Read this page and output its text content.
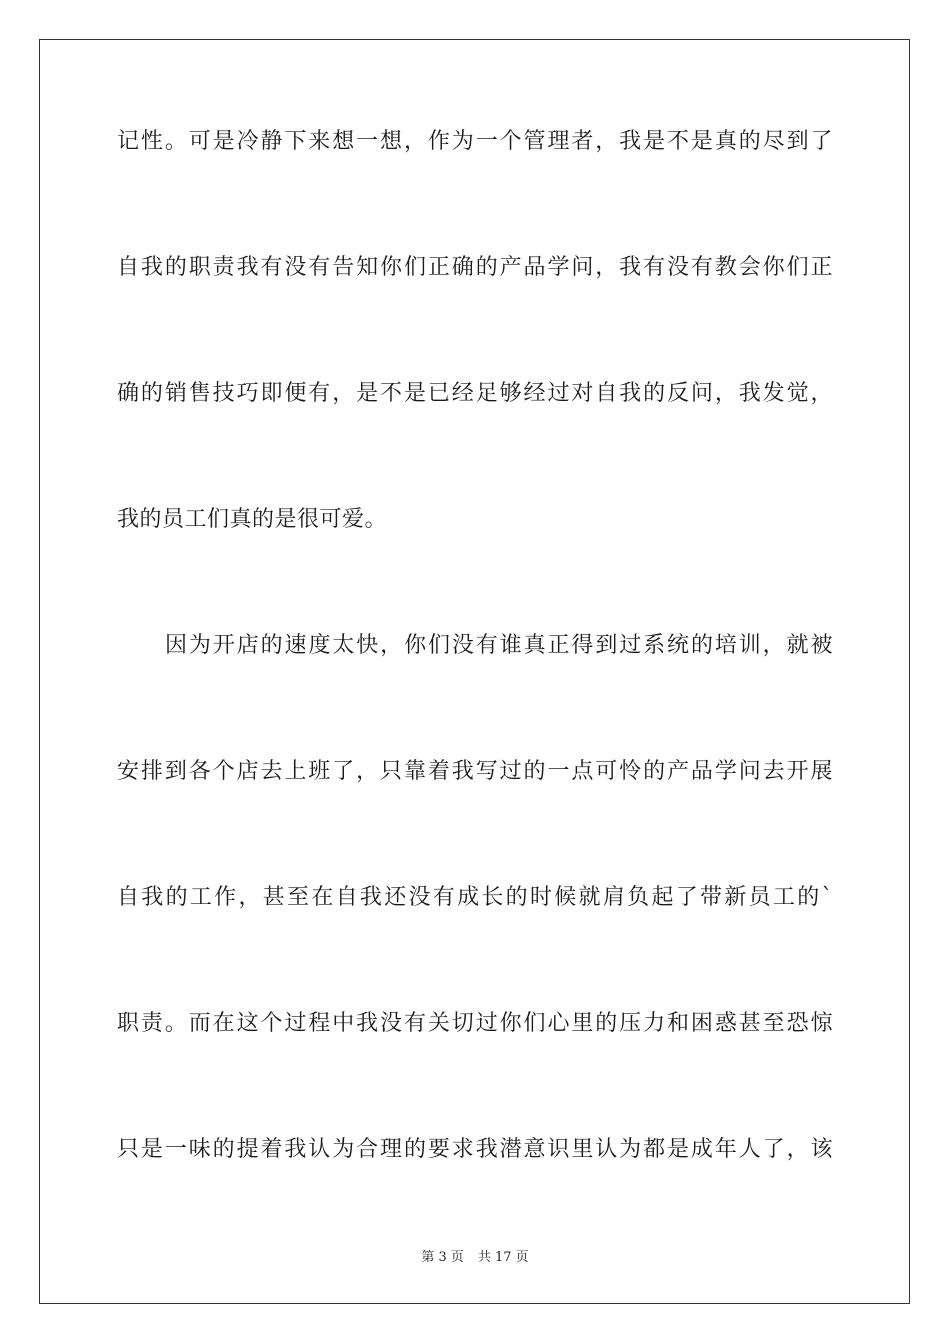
记性。可是冷静下来想一想，作为一个管理者，我是不是真的尽到了
自我的职责我有没有告知你们正确的产品学问，我有没有教会你们正
确的销售技巧即便有，是不是已经足够经过对自我的反问，我发觉，
我的员工们真的是很可爱。
因为开店的速度太快，你们没有谁真正得到过系统的培训，就被
安排到各个店去上班了，只靠着我写过的一点可怜的产品学问去开展
自我的工作，甚至在自我还没有成长的时候就肩负起了带新员工的`
职责。而在这个过程中我没有关切过你们心里的压力和困惑甚至恐惊
只是一味的提着我认为合理的要求我潜意识里认为都是成年人了，该
第 3 页 共 17 页
